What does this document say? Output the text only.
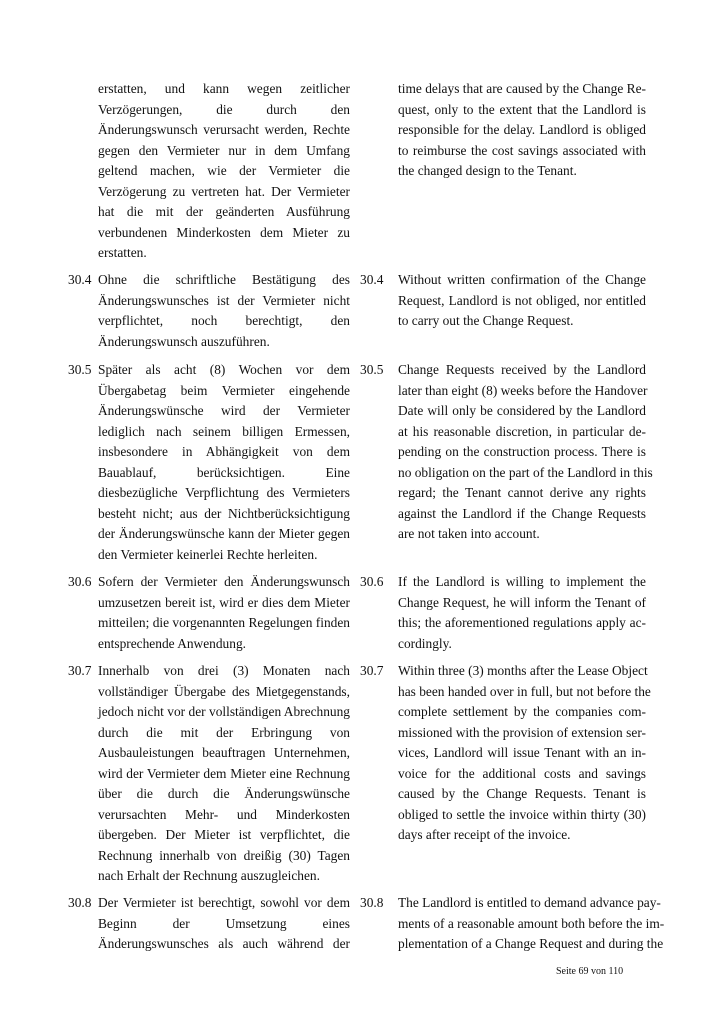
erstatten, und kann wegen zeitlicher
Verzögerungen, die durch den
Änderungswunsch verursacht werden, Rechte
gegen den Vermieter nur in dem Umfang
geltend machen, wie der Vermieter die
Verzögerung zu vertreten hat. Der Vermieter
hat die mit der geänderten Ausführung
verbundenen Minderkosten dem Mieter zu
erstatten.
30.4 Ohne die schriftliche Bestätigung des
Änderungswunsches ist der Vermieter nicht
verpflichtet, noch berechtigt, den
Änderungswunsch auszuführen.
30.5 Später als acht (8) Wochen vor dem
Übergabetag beim Vermieter eingehende
Änderungswünsche wird der Vermieter
lediglich nach seinem billigen Ermessen,
insbesondere in Abhängigkeit von dem
Bauablauf, berücksichtigen. Eine
diesbezügliche Verpflichtung des Vermieters
besteht nicht; aus der Nichtberücksichtigung
der Änderungswünsche kann der Mieter gegen
den Vermieter keinerlei Rechte herleiten.
30.6 Sofern der Vermieter den Änderungswunsch
umzusetzen bereit ist, wird er dies dem Mieter
mitteilen; die vorgenannten Regelungen finden
entsprechende Anwendung.
30.7 Innerhalb von drei (3) Monaten nach
vollständiger Übergabe des Mietgegenstands,
jedoch nicht vor der vollständigen Abrechnung
durch die mit der Erbringung von
Ausbauleistungen beauftragen Unternehmen,
wird der Vermieter dem Mieter eine Rechnung
über die durch die Änderungswünsche
verursachten Mehr- und Minderkosten
übergeben. Der Mieter ist verpflichtet, die
Rechnung innerhalb von dreißig (30) Tagen
nach Erhalt der Rechnung auszugleichen.
30.8 Der Vermieter ist berechtigt, sowohl vor dem
Beginn der Umsetzung eines
Änderungswunsches als auch während der
time delays that are caused by the Change Re-
quest, only to the extent that the Landlord is
responsible for the delay. Landlord is obliged
to reimburse the cost savings associated with
the changed design to the Tenant.
30.4 Without written confirmation of the Change
Request, Landlord is not obliged, nor entitled
to carry out the Change Request.
30.5 Change Requests received by the Landlord
later than eight (8) weeks before the Handover
Date will only be considered by the Landlord
at his reasonable discretion, in particular de-
pending on the construction process. There is
no obligation on the part of the Landlord in this
regard; the Tenant cannot derive any rights
against the Landlord if the Change Requests
are not taken into account.
30.6 If the Landlord is willing to implement the
Change Request, he will inform the Tenant of
this; the aforementioned regulations apply ac-
cordingly.
30.7 Within three (3) months after the Lease Object
has been handed over in full, but not before the
complete settlement by the companies com-
missioned with the provision of extension ser-
vices, Landlord will issue Tenant with an in-
voice for the additional costs and savings
caused by the Change Requests. Tenant is
obliged to settle the invoice within thirty (30)
days after receipt of the invoice.
30.8 The Landlord is entitled to demand advance pay-
ments of a reasonable amount both before the im-
plementation of a Change Request and during the
Seite 69 von 110
